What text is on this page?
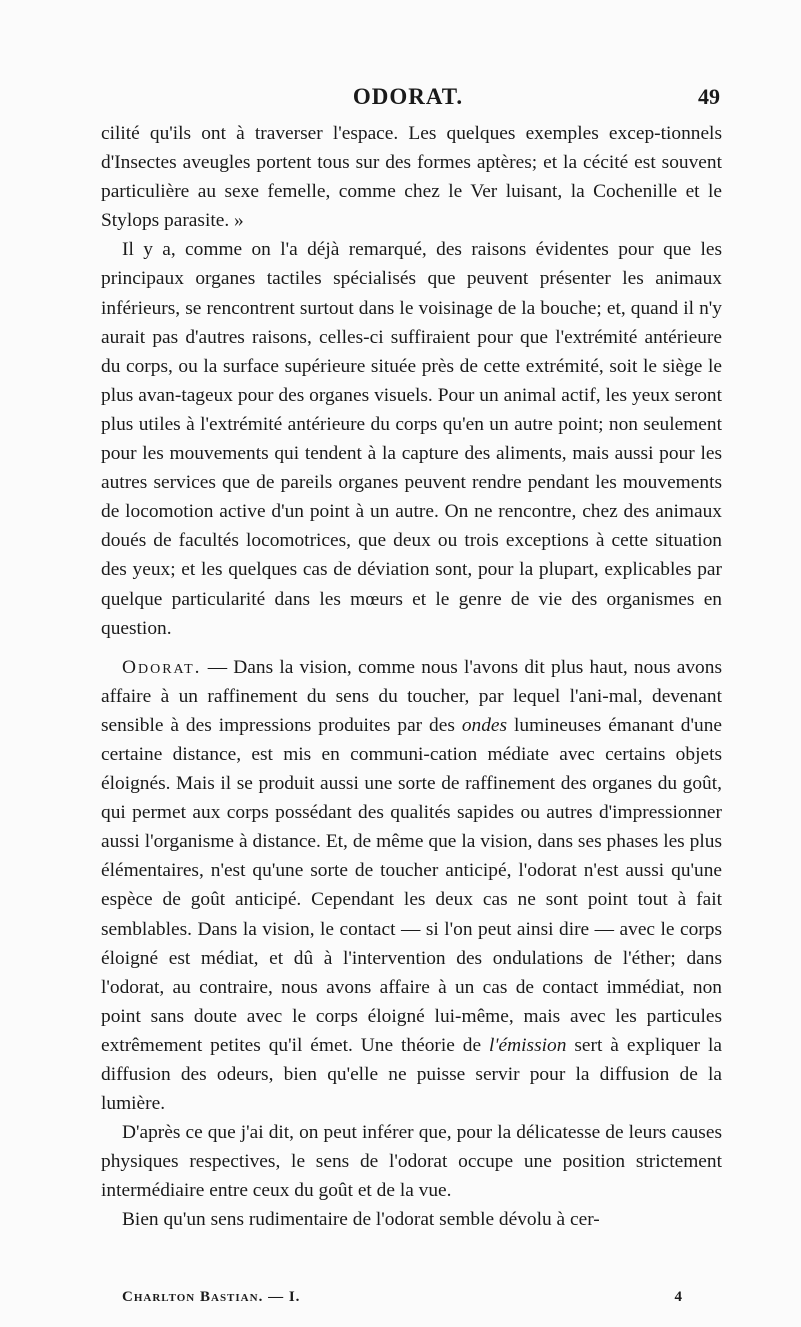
ODORAT.	49

cilité qu'ils ont à traverser l'espace. Les quelques exemples excep-tionnels d'Insectes aveugles portent tous sur des formes aptères; et la cécité est souvent particulière au sexe femelle, comme chez le Ver luisant, la Cochenille et le Stylops parasite. »

Il y a, comme on l'a déjà remarqué, des raisons évidentes pour que les principaux organes tactiles spécialisés que peuvent présenter les animaux inférieurs, se rencontrent surtout dans le voisinage de la bouche; et, quand il n'y aurait pas d'autres raisons, celles-ci suffiraient pour que l'extrémité antérieure du corps, ou la surface supérieure située près de cette extrémité, soit le siège le plus avan-tageux pour des organes visuels. Pour un animal actif, les yeux seront plus utiles à l'extrémité antérieure du corps qu'en un autre point; non seulement pour les mouvements qui tendent à la capture des aliments, mais aussi pour les autres services que de pareils organes peuvent rendre pendant les mouvements de locomotion active d'un point à un autre. On ne rencontre, chez des animaux doués de facultés locomotrices, que deux ou trois exceptions à cette situation des yeux; et les quelques cas de déviation sont, pour la plupart, explicables par quelque particularité dans les mœurs et le genre de vie des organismes en question.

Odorat. — Dans la vision, comme nous l'avons dit plus haut, nous avons affaire à un raffinement du sens du toucher, par lequel l'ani-mal, devenant sensible à des impressions produites par des ondes lumineuses émanant d'une certaine distance, est mis en communi-cation médiate avec certains objets éloignés. Mais il se produit aussi une sorte de raffinement des organes du goût, qui permet aux corps possédant des qualités sapides ou autres d'impressionner aussi l'organisme à distance. Et, de même que la vision, dans ses phases les plus élémentaires, n'est qu'une sorte de toucher anticipé, l'odorat n'est aussi qu'une espèce de goût anticipé. Cependant les deux cas ne sont point tout à fait semblables. Dans la vision, le contact — si l'on peut ainsi dire — avec le corps éloigné est médiat, et dû à l'intervention des ondulations de l'éther; dans l'odorat, au contraire, nous avons affaire à un cas de contact immédiat, non point sans doute avec le corps éloigné lui-même, mais avec les particules extrêmement petites qu'il émet. Une théorie de l'émission sert à expliquer la diffusion des odeurs, bien qu'elle ne puisse servir pour la diffusion de la lumière.

D'après ce que j'ai dit, on peut inférer que, pour la délicatesse de leurs causes physiques respectives, le sens de l'odorat occupe une position strictement intermédiaire entre ceux du goût et de la vue.

Bien qu'un sens rudimentaire de l'odorat semble dévolu à cer-

Charlton Bastian. — I.	4
